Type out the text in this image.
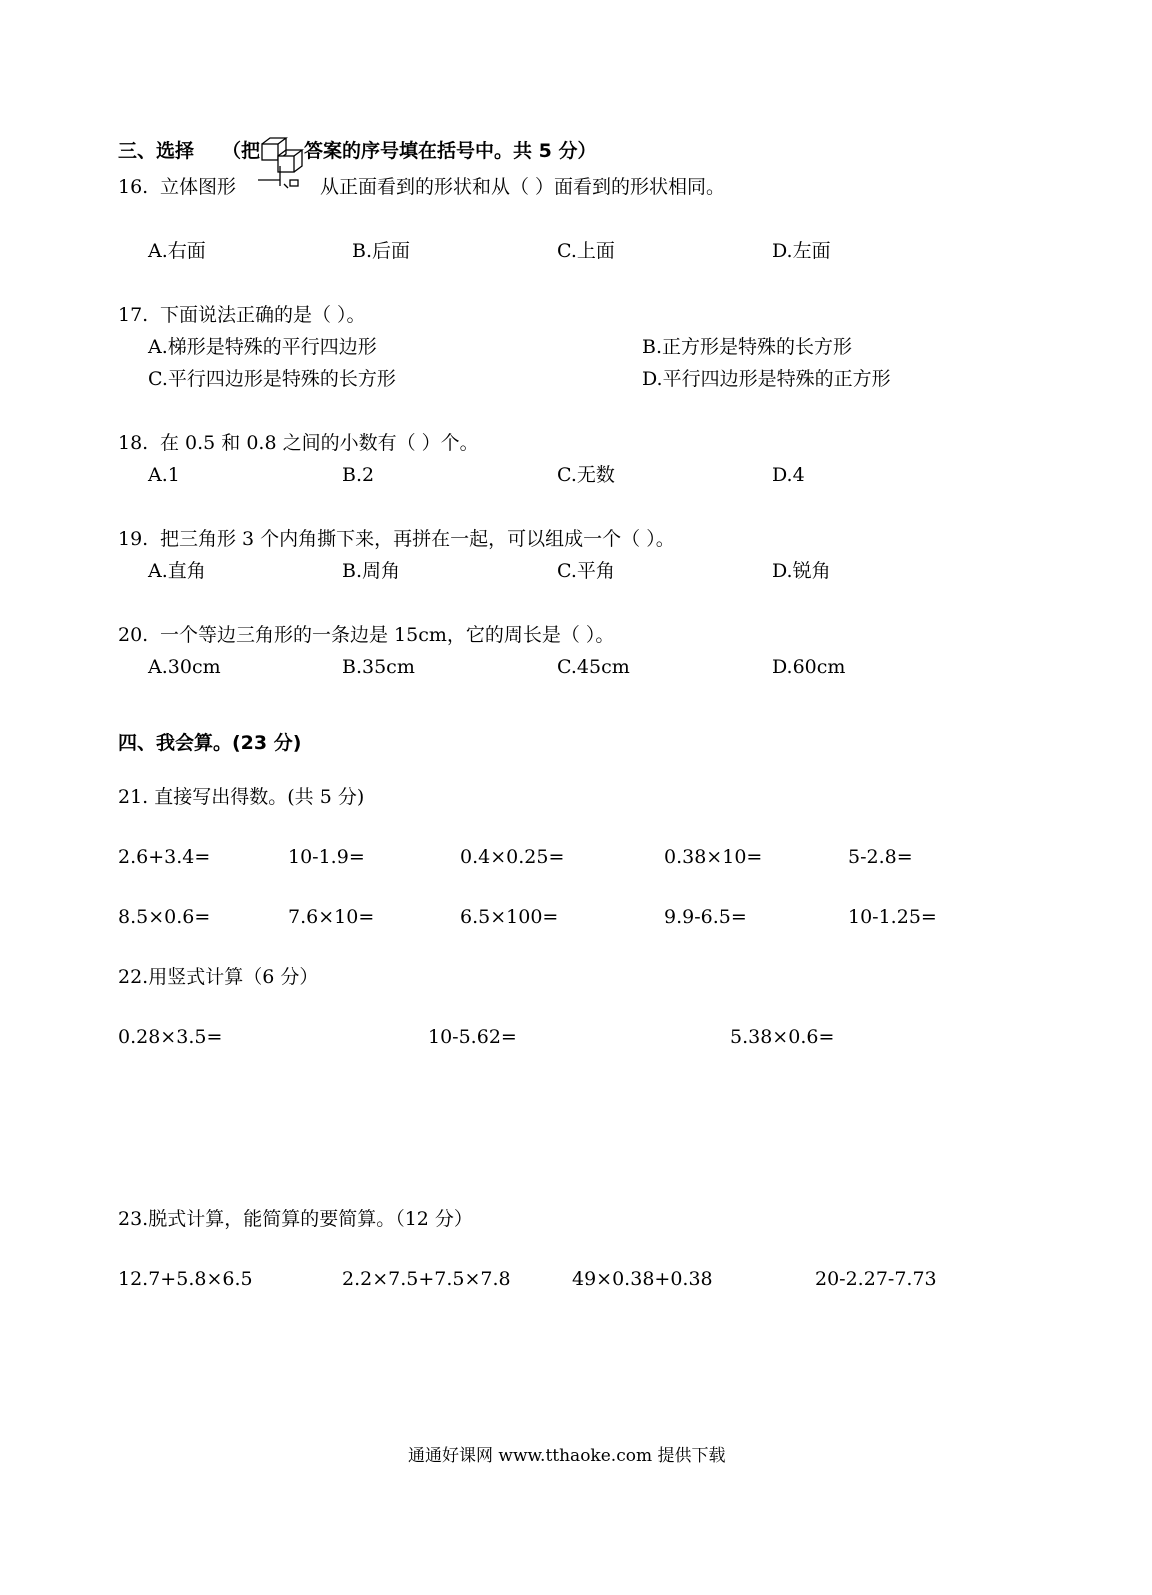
三、选择 （把 答案的序号填在括号中。共 5 分）
16. 立体图形	从正面看到的形状和从（ ）面看到的形状相同。
A.右面	B.后面	C.上面	D.左面
17. 下面说法正确的是（ ）。
A.梯形是特殊的平行四边形	B.正方形是特殊的长方形
C.平行四边形是特殊的长方形	D.平行四边形是特殊的正方形
18. 在 0.5 和 0.8 之间的小数有（ ）个。
A.1	B.2	C.无数	D.4
19. 把三角形 3 个内角撕下来，再拼在一起，可以组成一个（ ）。
A.直角	B.周角	C.平角	D.锐角
20. 一个等边三角形的一条边是 15cm，它的周长是（ ）。
A.30cm	B.35cm	C.45cm	D.60cm
四、我会算。(23 分)
21. 直接写出得数。(共 5 分)
2.6+3.4=	10-1.9=	0.4×0.25=	0.38×10=	5-2.8=
8.5×0.6=	7.6×10=	6.5×100=	9.9-6.5=	10-1.25=
22.用竖式计算（6 分）
0.28×3.5=	10-5.62=	5.38×0.6=
23.脱式计算，能简算的要简算。（12 分）
12.7+5.8×6.5	2.2×7.5+7.5×7.8	49×0.38+0.38	20-2.27-7.73
通通好课网 www.tthaoke.com 提供下载
